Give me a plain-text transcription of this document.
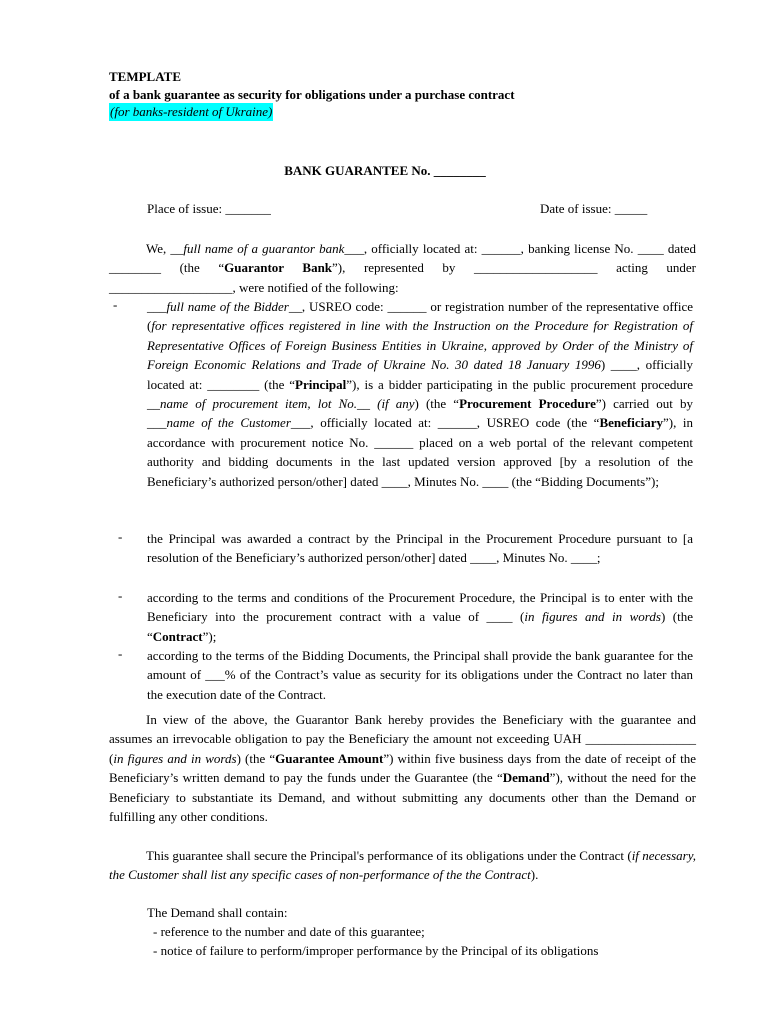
TEMPLATE
of a bank guarantee as security for obligations under a purchase contract
(for banks-resident of Ukraine)
BANK GUARANTEE No. ________
Place of issue: _______	Date of issue: _____
We, __full name of a guarantor bank___, officially located at: ______, banking license No. ____ dated ________ (the “Guarantor Bank”), represented by ___________________ acting under ___________________, were notified of the following:
- ___full name of the Bidder__, USREO code: ______ or registration number of the representative office (for representative offices registered in line with the Instruction on the Procedure for Registration of Representative Offices of Foreign Business Entities in Ukraine, approved by Order of the Ministry of Foreign Economic Relations and Trade of Ukraine No. 30 dated 18 January 1996) ____, officially located at: ________ (the “Principal”), is a bidder participating in the public procurement procedure __name of procurement item, lot No.__ (if any) (the “Procurement Procedure”) carried out by ___name of the Customer___, officially located at: ______, USREO code (the “Beneficiary”), in accordance with procurement notice No. ______ placed on a web portal of the relevant competent authority and bidding documents in the last updated version approved [by a resolution of the Beneficiary’s authorized person/other] dated ____, Minutes No. ____ (the “Bidding Documents”);
- the Principal was awarded a contract by the Principal in the Procurement Procedure pursuant to [a resolution of the Beneficiary’s authorized person/other] dated ____, Minutes No. ____;
- according to the terms and conditions of the Procurement Procedure, the Principal is to enter with the Beneficiary into the procurement contract with a value of ____ (in figures and in words) (the “Contract”);
- according to the terms of the Bidding Documents, the Principal shall provide the bank guarantee for the amount of ___% of the Contract’s value as security for its obligations under the Contract no later than the execution date of the Contract.
In view of the above, the Guarantor Bank hereby provides the Beneficiary with the guarantee and assumes an irrevocable obligation to pay the Beneficiary the amount not exceeding UAH _________________ (in figures and in words) (the “Guarantee Amount”) within five business days from the date of receipt of the Beneficiary’s written demand to pay the funds under the Guarantee (the “Demand”), without the need for the Beneficiary to substantiate its Demand, and without submitting any documents other than the Demand or fulfilling any other conditions.
This guarantee shall secure the Principal's performance of its obligations under the Contract (if necessary, the Customer shall list any specific cases of non-performance of the the Contract).
The Demand shall contain:
- reference to the number and date of this guarantee;
- notice of failure to perform/improper performance by the Principal of its obligations
